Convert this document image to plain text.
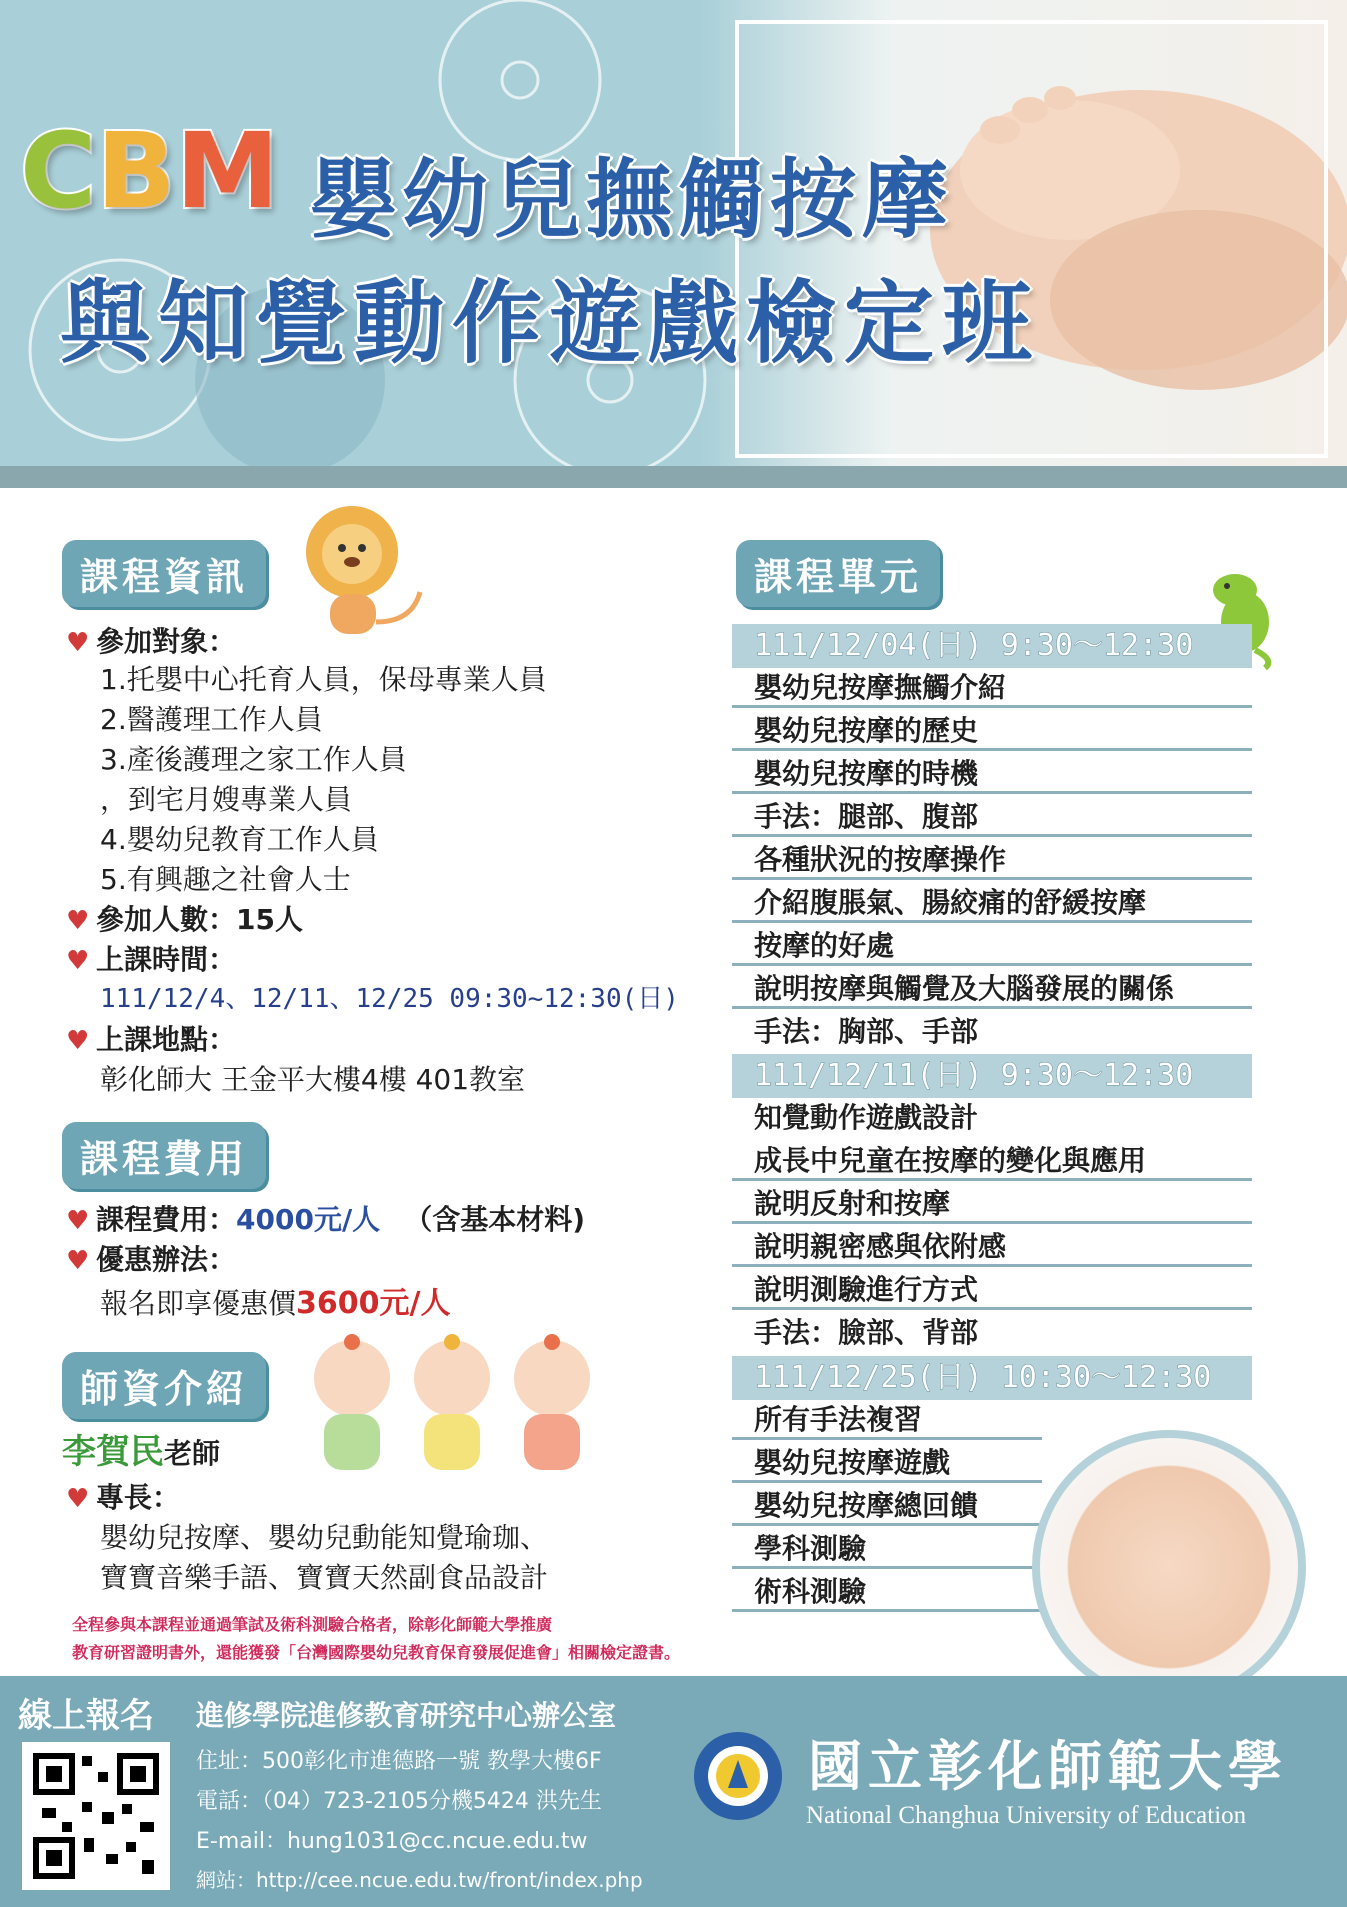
CBM 嬰幼兒撫觸按摩
與知覺動作遊戲檢定班
課程資訊
♥ 參加對象：
1.托嬰中心托育人員，保母專業人員
2.醫護理工作人員
3.產後護理之家工作人員
，到宅月嫂專業人員
4.嬰幼兒教育工作人員
5.有興趣之社會人士
♥ 參加人數：15人
♥ 上課時間：
111/12/4、12/11、12/25 09:30~12:30(日)
♥ 上課地點：
彰化師大 王金平大樓4樓 401教室
課程費用
♥ 課程費用：4000元/人 （含基本材料)
♥ 優惠辦法：
報名即享優惠價3600元/人
師資介紹
李賀民老師
♥ 專長：
嬰幼兒按摩、嬰幼兒動能知覺瑜珈、
寶寶音樂手語、寶寶天然副食品設計
課程單元
111/12/04(日) 9:30～12:30
嬰幼兒按摩撫觸介紹
嬰幼兒按摩的歷史
嬰幼兒按摩的時機
手法：腿部、腹部
各種狀況的按摩操作
介紹腹脹氣、腸絞痛的舒緩按摩
按摩的好處
說明按摩與觸覺及大腦發展的關係
手法：胸部、手部
111/12/11(日) 9:30～12:30
知覺動作遊戲設計
成長中兒童在按摩的變化與應用
說明反射和按摩
說明親密感與依附感
說明測驗進行方式
手法：臉部、背部
111/12/25(日) 10:30～12:30
所有手法複習
嬰幼兒按摩遊戲
嬰幼兒按摩總回饋
學科測驗
術科測驗
全程參與本課程並通過筆試及術科測驗合格者，除彰化師範大學推廣
教育研習證明書外，還能獲發「台灣國際嬰幼兒教育保育發展促進會」相關檢定證書。
線上報名 進修學院進修教育研究中心辦公室
住址：500彰化市進德路一號 教學大樓6F
電話：（04）723-2105分機5424 洪先生
E-mail：hung1031@cc.ncue.edu.tw
網站：http://cee.ncue.edu.tw/front/index.php
國立彰化師範大學
National Changhua University of Education
